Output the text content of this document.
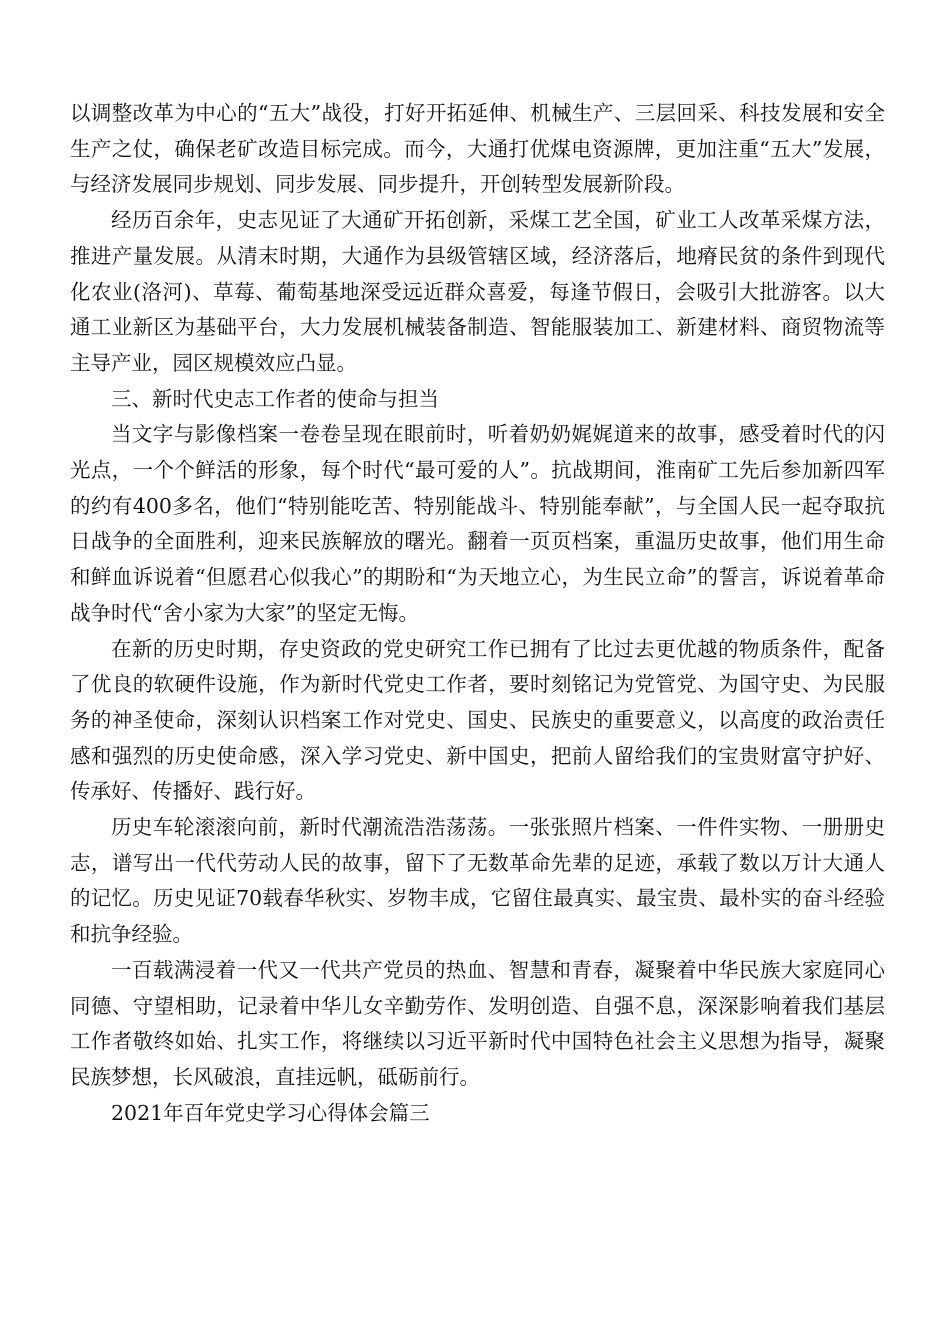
以调整改革为中心的“五大”战役，打好开拓延伸、机械生产、三层回采、科技发展和安全生产之仗，确保老矿改造目标完成。而今，大通打优煤电资源牌，更加注重“五大”发展，与经济发展同步规划、同步发展、同步提升，开创转型发展新阶段。

经历百余年，史志见证了大通矿开拓创新，采煤工艺全国，矿业工人改革采煤方法，推进产量发展。从清末时期，大通作为县级管辖区域，经济落后，地瘠民贫的条件到现代化农业(洛河)、草莓、葡萄基地深受远近群众喜爱，每逢节假日，会吸引大批游客。以大通工业新区为基础平台，大力发展机械装备制造、智能服装加工、新建材料、商贸物流等主导产业，园区规模效应凸显。

三、新时代史志工作者的使命与担当

当文字与影像档案一卷卷呈现在眼前时，听着奶奶娓娓道来的故事，感受着时代的闪光点，一个个鲜活的形象，每个时代“最可爱的人”。抗战期间，淮南矿工先后参加新四军的约有400多名，他们“特别能吃苦、特别能战斗、特别能奉献”，与全国人民一起夺取抗日战争的全面胜利，迎来民族解放的曙光。翻着一页页档案，重温历史故事，他们用生命和鲜血诉说着“但愿君心似我心”的期盼和“为天地立心，为生民立命”的誓言，诉说着革命战争时代“舍小家为大家”的坚定无悔。

在新的历史时期，存史资政的党史研究工作已拥有了比过去更优越的物质条件，配备了优良的软硬件设施，作为新时代党史工作者，要时刻铭记为党管党、为国守史、为民服务的神圣使命，深刻认识档案工作对党史、国史、民族史的重要意义，以高度的政治责任感和强烈的历史使命感，深入学习党史、新中国史，把前人留给我们的宝贵财富守护好、传承好、传播好、践行好。

历史车轮滚滚向前，新时代潮流浩浩荡荡。一张张照片档案、一件件实物、一册册史志，谱写出一代代劳动人民的故事，留下了无数革命先辈的足迹，承载了数以万计大通人的记忆。历史见证70载春华秋实、岁物丰成，它留住最真实、最宝贵、最朴实的奋斗经验和抗争经验。

一百载满浸着一代又一代共产党员的热血、智慧和青春，凝聚着中华民族大家庭同心同德、守望相助，记录着中华儿女辛勤劳作、发明创造、自强不息，深深影响着我们基层工作者敬终如始、扎实工作，将继续以习近平新时代中国特色社会主义思想为指导，凝聚民族梦想，长风破浪，直挂远帆，砥砺前行。

2021年百年党史学习心得体会篇三
